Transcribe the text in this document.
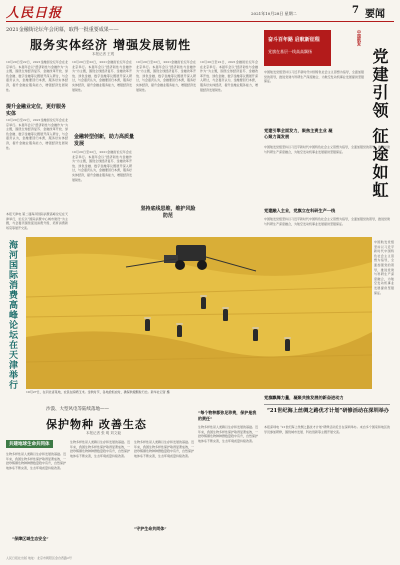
人民日报	2021年10月28日 星期二	7 要闻
2021金融街论坛年会闭幕，取得一批重要成果——
服务实体经济 增强发展韧性
本报记者 王观
10月20日至22日，2021金融街论坛年会在北京举行。本届年会以“经济韧性与金融作为”为主题，围绕全球经济复苏、金融改革开放、绿色金融、数字金融等议题展开深入研讨，与会嘉宾认为，金融要回归本源，服务好实体经济，提升金融业服务能力，增强经济发展韧性。
提升金融业定位，更好服务实体
10月20日至22日，2021金融街论坛年会在北京举行。本届年会以“经济韧性与金融作为”为主题，围绕全球经济复苏、金融改革开放、绿色金融、数字金融等议题展开深入研讨，与会嘉宾认为，金融要回归本源，服务好实体经济，提升金融业服务能力，增强经济发展韧性。
10月20日至22日，2021金融街论坛年会在北京举行。本届年会以“经济韧性与金融作为”为主题，围绕全球经济复苏、金融改革开放、绿色金融、数字金融等议题展开深入研讨，与会嘉宾认为，金融要回归本源，服务好实体经济，提升金融业服务能力，增强经济发展韧性。
金融转型创新，助力高质量发展
10月20日至22日，2021金融街论坛年会在北京举行。本届年会以“经济韧性与金融作为”为主题，围绕全球经济复苏、金融改革开放、绿色金融、数字金融等议题展开深入研讨，与会嘉宾认为，金融要回归本源，服务好实体经济，提升金融业服务能力，增强经济发展韧性。
10月20日至22日，2021金融街论坛年会在北京举行。本届年会以“经济韧性与金融作为”为主题，围绕全球经济复苏、金融改革开放、绿色金融、数字金融等议题展开深入研讨，与会嘉宾认为，金融要回归本源，服务好实体经济，提升金融业服务能力，增强经济发展韧性。
坚持底线思维，维护风险防范
10月20日至22日，2021金融街论坛年会在北京举行。本届年会以“经济韧性与金融作为”为主题，围绕全球经济复苏、金融改革开放、绿色金融、数字金融等议题展开深入研讨，与会嘉宾认为，金融要回归本源，服务好实体经济，提升金融业服务能力，增强经济发展韧性。
本报天津电 第二届海河国际消费高峰论坛在天津举行，论坛以“国际消费中心城市建设”为主题，与会嘉宾围绕促进消费升级、培育消费新场景等展开交流。
海河国际消费高峰论坛在天津举行
奋斗百年路 启航新征程
党旗在基层一线高高飘扬
中国航发
党建引领 征途如虹
中国航发党组坚持以习近平新时代中国特色社会主义思想为指导，全面加强党的领导，推进党建与科研生产深度融合，为航空发动机事业发展提供坚强保证。
党建引擎全面发力，聚焦主责主业 凝心聚力谋发展
中国航发党组坚持以习近平新时代中国特色社会主义思想为指导，全面加强党的领导，推进党建与科研生产深度融合，为航空发动机事业发展提供坚强保证。
党建融入主业，党旗立在科研生产一线
中国航发党组坚持以习近平新时代中国特色社会主义思想为指导，全面加强党的领导，推进党建与科研生产深度融合，为航空发动机事业发展提供坚强保证。
10月27日，在河北省某地，农民在晾晒玉米。金秋时节，各地抢抓农时，确保秋粮颗粒归仓。新华社记者 摄
中国航发党组坚持以习近平新时代中国特色社会主义思想为指导，全面加强党的领导，推进党建与科研生产深度融合，为航空发动机事业发展提供坚强保证。
党旗飘舞力量，凝聚共推发展的新奋进动力
沙漠、大型风电等陆续落地——
保护物种 改善生态
本报记者 张 明 刘文毅
共建地球生命共同体
生物多样性是人类赖以生存和发展的基础。近年来，我国生物多样性保护取得显著成效，一批珍稀濒危物种种群数量稳中有升，自然保护地体系不断完善，生态环境质量持续改善。
“保障区域生态安全”
生物多样性是人类赖以生存和发展的基础。近年来，我国生物多样性保护取得显著成效，一批珍稀濒危物种种群数量稳中有升，自然保护地体系不断完善，生态环境质量持续改善。
“守护生命共同体”
生物多样性是人类赖以生存和发展的基础。近年来，我国生物多样性保护取得显著成效，一批珍稀濒危物种种群数量稳中有升，自然保护地体系不断完善，生态环境质量持续改善。
“每个物种都弥足珍贵，保护是我的责任”
生物多样性是人类赖以生存和发展的基础。近年来，我国生物多样性保护取得显著成效，一批珍稀濒危物种种群数量稳中有升，自然保护地体系不断完善，生态环境质量持续改善。
“21世纪海上丝绸之路优才计划”研修活动在深圳举办
本报深圳电 “21世纪海上丝绸之路优才计划”研修活动近日在深圳举办。来自多个国家和地区的学员参加研修，围绕城市发展、科技创新等主题开展交流。
人民日报社出版 地址：北京市朝阳区金台西路2号
